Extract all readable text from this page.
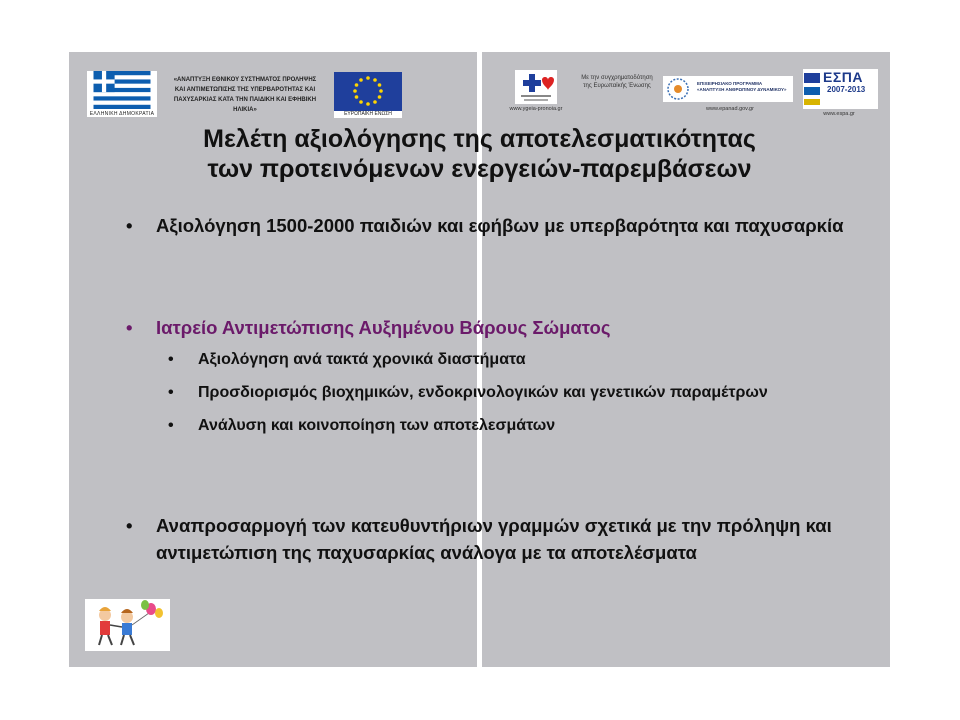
ΕΛΛΗΝΙΚΗ ΔΗΜΟΚΡΑΤΙΑ
«ΑΝΑΠΤΥΞΗ ΕΘΝΙΚΟΥ ΣΥΣΤΗΜΑΤΟΣ ΠΡΟΛΗΨΗΣ ΚΑΙ ΑΝΤΙΜΕΤΩΠΙΣΗΣ ΤΗΣ ΥΠΕΡΒΑΡΟΤΗΤΑΣ ΚΑΙ ΠΑΧΥΣΑΡΚΙΑΣ ΚΑΤΑ ΤΗΝ ΠΑΙΔΙΚΗ ΚΑΙ ΕΦΗΒΙΚΗ ΗΛΙΚΙΑ»
ΕΥΡΩΠΑΪΚΗ ΕΝΩΣΗ
www.ygeia-pronoia.gr
Με την συγχρηματοδότηση της Ευρωπαϊκής Ένωσης	ΕΠΙΧΕΙΡΗΣΙΑΚΟ ΠΡΟΓΡΑΜΜΑ «ΑΝΑΠΤΥΞΗ ΑΝΘΡΩΠΙΝΟΥ ΔΥΝΑΜΙΚΟΥ»
www.epanad.gov.gr
ΕΣΠΑ
2007-2013
www.espa.gr
Μελέτη αξιολόγησης της αποτελεσματικότητας
των προτεινόμενων ενεργειών-παρεμβάσεων
• Αξιολόγηση 1500-2000 παιδιών και εφήβων με υπερβαρότητα και παχυσαρκία
• Ιατρείο Αντιμετώπισης Αυξημένου Βάρους Σώματος
• Αξιολόγηση ανά τακτά χρονικά διαστήματα
• Προσδιορισμός βιοχημικών, ενδοκρινολογικών και γενετικών παραμέτρων
• Ανάλυση και κοινοποίηση των αποτελεσμάτων
• Αναπροσαρμογή των κατευθυντήριων γραμμών σχετικά με την πρόληψη και αντιμετώπιση της παχυσαρκίας ανάλογα με τα αποτελέσματα
